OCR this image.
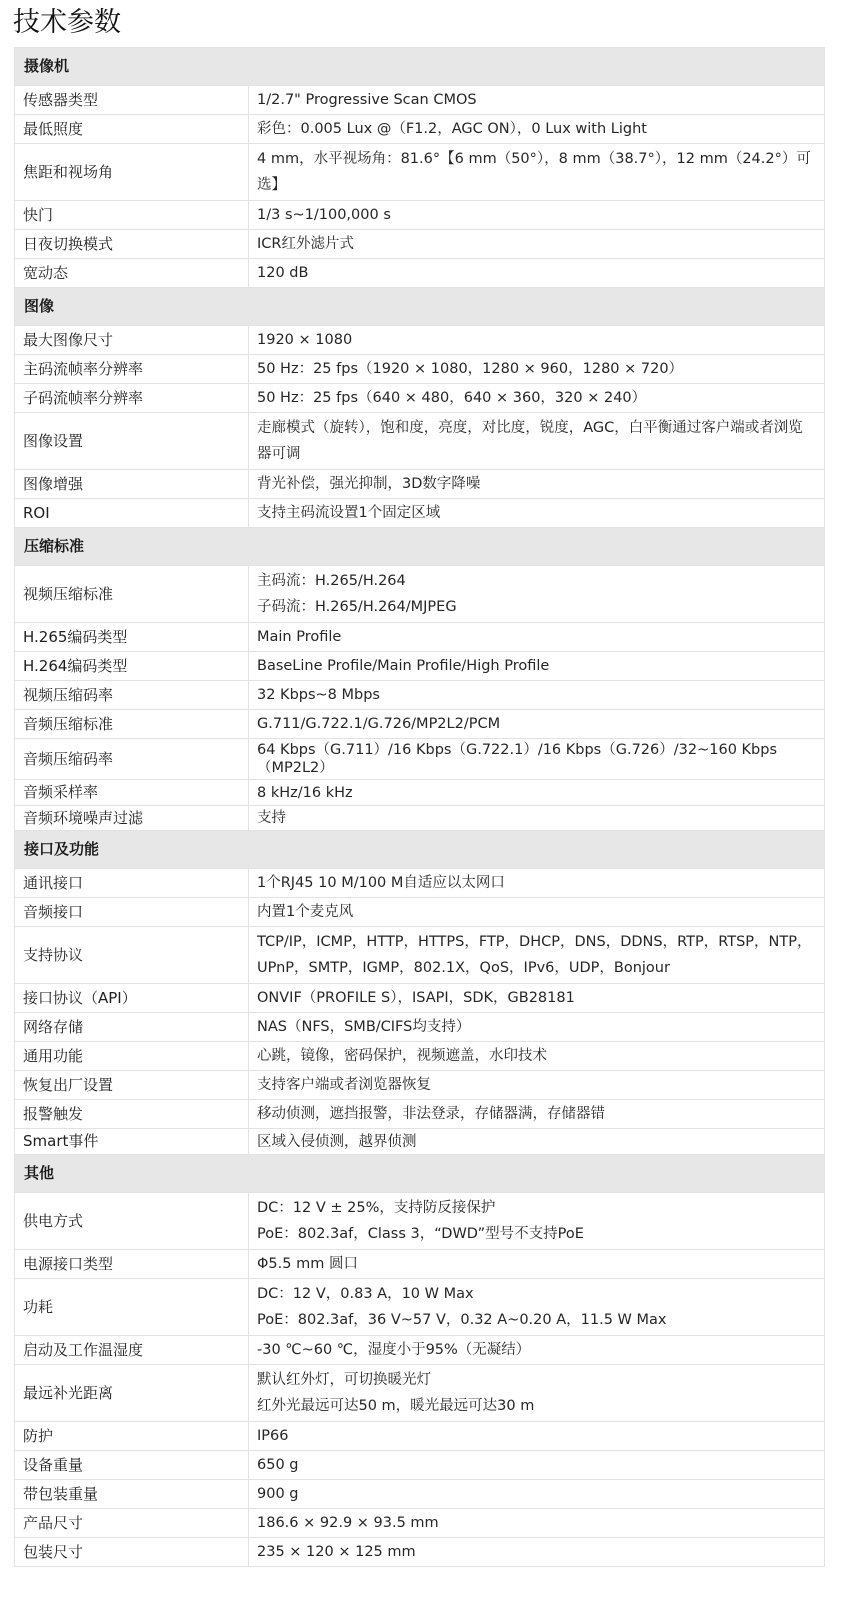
技术参数
摄像机	
传感器类型	1/2.7" Progressive Scan CMOS

最低照度	彩色：0.005 Lux @（F1.2，AGC ON），0 Lux with Light

焦距和视场角	4 mm，水平视场角：81.6°【6 mm（50°），8 mm（38.7°），12 mm（24.2°）可选】

快门	1/3 s~1/100,000 s

日夜切换模式	ICR红外滤片式

宽动态	120 dB

图像	
最大图像尺寸	1920 × 1080

主码流帧率分辨率	50 Hz：25 fps（1920 × 1080，1280 × 960，1280 × 720）

子码流帧率分辨率	50 Hz：25 fps（640 × 480，640 × 360，320 × 240）

图像设置	走廊模式（旋转），饱和度，亮度，对比度，锐度，AGC，白平衡通过客户端或者浏览器可调

图像增强	背光补偿，强光抑制，3D数字降噪

ROI	支持主码流设置1个固定区域

压缩标准	
视频压缩标准	主码流：H.265/H.264
子码流：H.265/H.264/MJPEG

H.265编码类型	Main Profile

H.264编码类型	BaseLine Profile/Main Profile/High Profile

视频压缩码率	32 Kbps~8 Mbps

音频压缩标准	G.711/G.722.1/G.726/MP2L2/PCM

音频压缩码率	64 Kbps（G.711）/16 Kbps（G.722.1）/16 Kbps（G.726）/32~160 Kbps（MP2L2）

音频采样率	8 kHz/16 kHz

音频环境噪声过滤	支持

接口及功能	
通讯接口	1个RJ45 10 M/100 M自适应以太网口

音频接口	内置1个麦克风

支持协议	TCP/IP，ICMP，HTTP，HTTPS，FTP，DHCP，DNS，DDNS，RTP，RTSP，NTP，UPnP，SMTP，IGMP，802.1X，QoS，IPv6，UDP，Bonjour

接口协议（API）	ONVIF（PROFILE S），ISAPI，SDK，GB28181

网络存储	NAS（NFS，SMB/CIFS均支持）

通用功能	心跳，镜像，密码保护，视频遮盖，水印技术

恢复出厂设置	支持客户端或者浏览器恢复

报警触发	移动侦测，遮挡报警，非法登录，存储器满，存储器错

Smart事件	区域入侵侦测，越界侦测

其他	
供电方式	DC：12 V ± 25%，支持防反接保护
PoE：802.3af，Class 3，“DWD”型号不支持PoE

电源接口类型	Φ5.5 mm 圆口

功耗	DC：12 V，0.83 A，10 W Max
PoE：802.3af，36 V~57 V，0.32 A~0.20 A，11.5 W Max

启动及工作温湿度	-30 ℃~60 ℃，湿度小于95%（无凝结）

最远补光距离	默认红外灯，可切换暖光灯
红外光最远可达50 m，暖光最远可达30 m

防护	IP66

设备重量	650 g

带包装重量	900 g

产品尺寸	186.6 × 92.9 × 93.5 mm

包装尺寸	235 × 120 × 125 mm
